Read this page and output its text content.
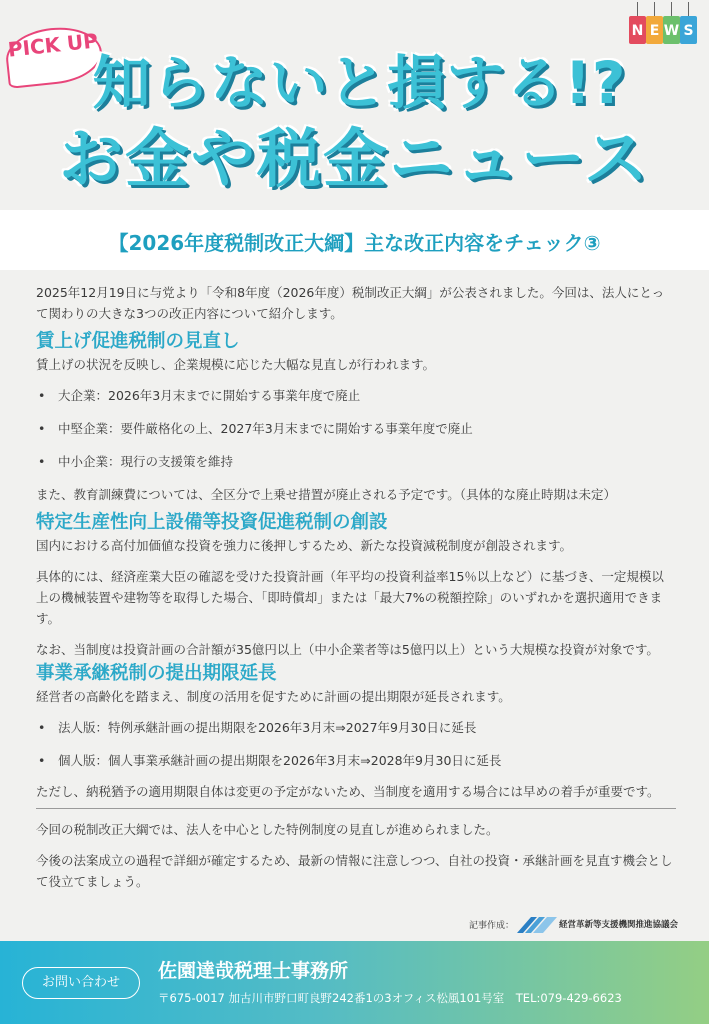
PICK UP
知らないと損する!?
お金や税金ニュース
N E W S
【2026年度税制改正大綱】主な改正内容をチェック③

2025年12月19日に与党より「令和8年度（2026年度）税制改正大綱」が公表されました。今回は、法人にとって関わりの大きな3つの改正内容について紹介します。

賃上げ促進税制の見直し

賃上げの状況を反映し、企業規模に応じた大幅な見直しが行われます。

• 大企業：2026年3月末までに開始する事業年度で廃止

• 中堅企業：要件厳格化の上、2027年3月末までに開始する事業年度で廃止

• 中小企業：現行の支援策を維持

また、教育訓練費については、全区分で上乗せ措置が廃止される予定です。（具体的な廃止時期は未定）

特定生産性向上設備等投資促進税制の創設

国内における高付加価値な投資を強力に後押しするため、新たな投資減税制度が創設されます。

具体的には、経済産業大臣の確認を受けた投資計画（年平均の投資利益率15％以上など）に基づき、一定規模以上の機械装置や建物等を取得した場合、「即時償却」または「最大7%の税額控除」のいずれかを選択適用できます。

なお、当制度は投資計画の合計額が35億円以上（中小企業者等は5億円以上）という大規模な投資が対象です。

事業承継税制の提出期限延長

経営者の高齢化を踏まえ、制度の活用を促すために計画の提出期限が延長されます。

• 法人版：特例承継計画の提出期限を2026年3月末⇒2027年9月30日に延長

• 個人版：個人事業承継計画の提出期限を2026年3月末⇒2028年9月30日に延長

ただし、納税猶予の適用期限自体は変更の予定がないため、当制度を適用する場合には早めの着手が重要です。

今回の税制改正大綱では、法人を中心とした特例制度の見直しが進められました。

今後の法案成立の過程で詳細が確定するため、最新の情報に注意しつつ、自社の投資・承継計画を見直す機会として役立てましょう。

記事作成：	経営革新等支援機関推進協議会
お問い合わせ
佐園達哉税理士事務所
〒675-0017 加古川市野口町良野242番1の3オフィス松風101号室　TEL:079-429-6623
